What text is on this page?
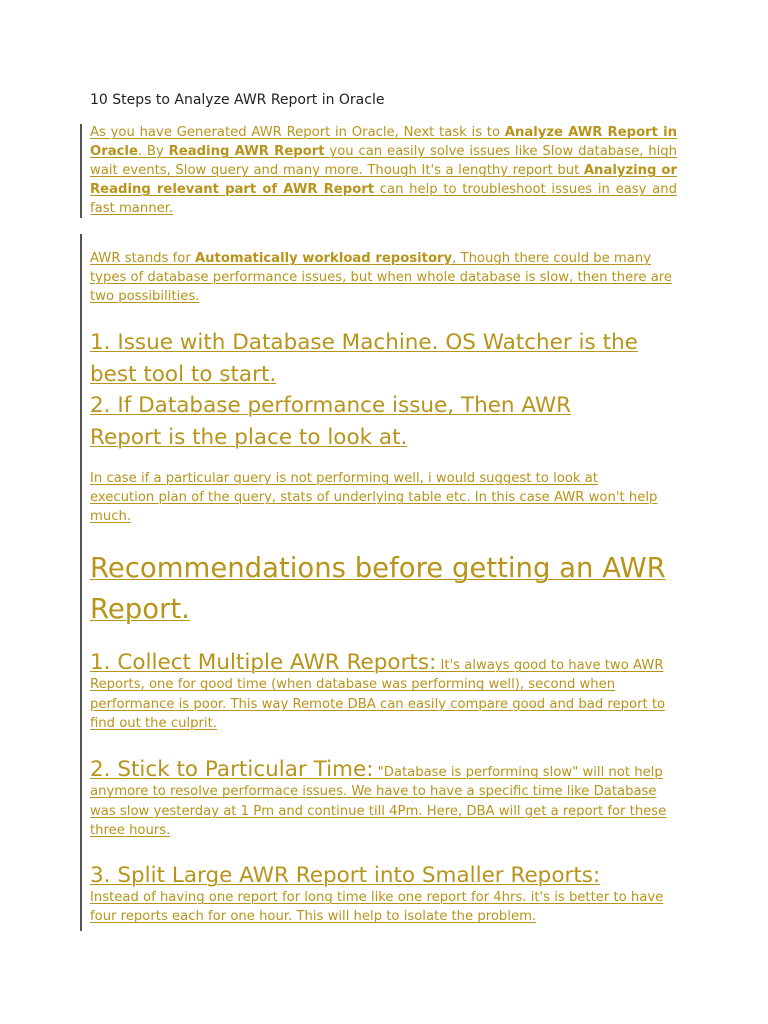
10 Steps to Analyze AWR Report in Oracle

As you have Generated AWR Report in Oracle, Next task is to Analyze AWR Report in Oracle. By Reading AWR Report you can easily solve issues like Slow database, high wait events, Slow query and many more. Though It's a lengthy report but Analyzing or Reading relevant part of AWR Report can help to troubleshoot issues in easy and fast manner.

AWR stands for Automatically workload repository, Though there could be many types of database performance issues, but when whole database is slow, then there are two possibilities.

1. Issue with Database Machine. OS Watcher is the best tool to start.

2. If Database performance issue, Then AWR Report is the place to look at.

In case if a particular query is not performing well, i would suggest to look at execution plan of the query, stats of underlying table etc. In this case AWR won't help much.

Recommendations before getting an AWR Report.

1. Collect Multiple AWR Reports: It's always good to have two AWR Reports, one for good time (when database was performing well), second when performance is poor. This way Remote DBA can easily compare good and bad report to find out the culprit.

2. Stick to Particular Time: "Database is performing slow" will not help anymore to resolve performace issues. We have to have a specific time like Database was slow yesterday at 1 Pm and continue till 4Pm. Here, DBA will get a report for these three hours.

3. Split Large AWR Report into Smaller Reports:
Instead of having one report for long time like one report for 4hrs. it's is better to have four reports each for one hour. This will help to isolate the problem.
